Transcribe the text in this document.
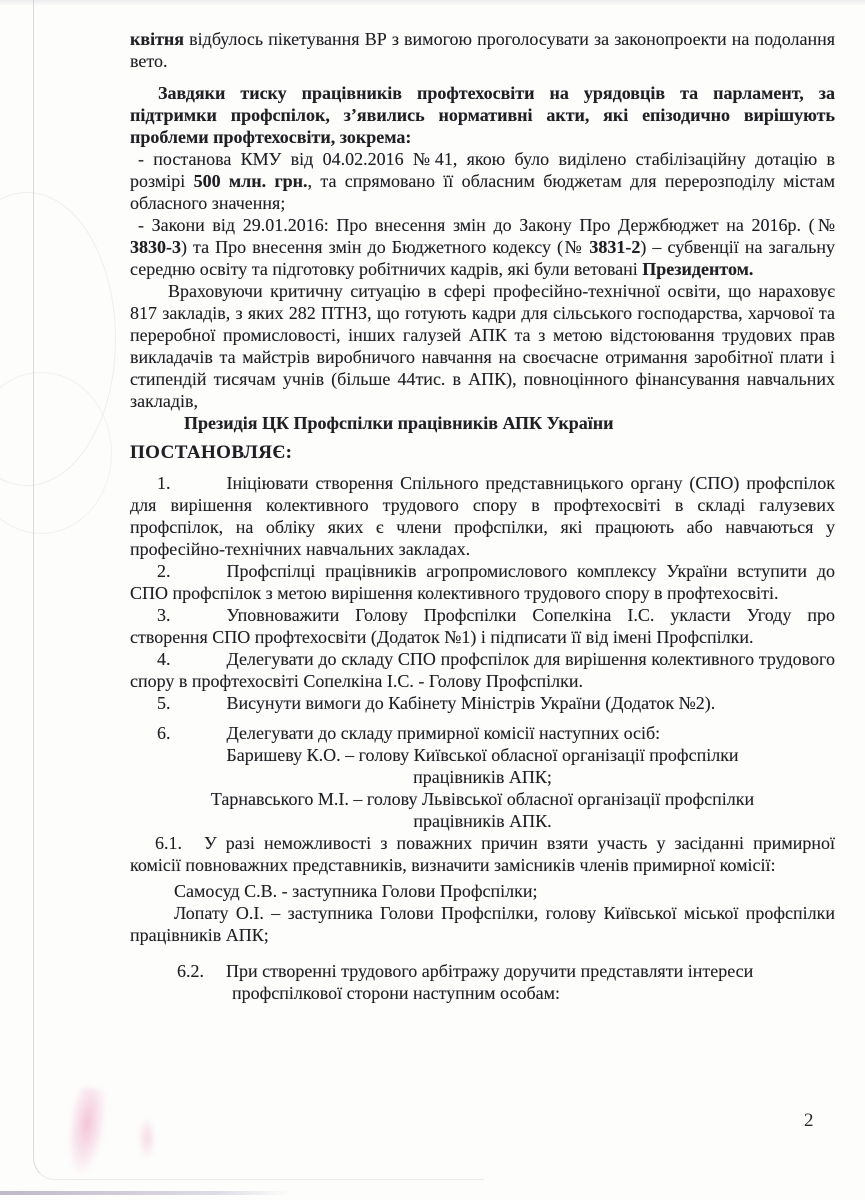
квітня відбулось пікетування ВР з вимогою проголосувати за законопроекти на подолання вето.

Завдяки тиску працівників профтехосвіти на урядовців та парламент, за підтримки профспілок, з’явились нормативні акти, які епізодично вирішують проблеми профтехосвіти, зокрема:

- постанова КМУ від 04.02.2016 №41, якою було виділено стабілізаційну дотацію в розмірі 500 млн. грн., та спрямовано її обласним бюджетам для перерозподілу містам обласного значення;

- Закони від 29.01.2016: Про внесення змін до Закону Про Держбюджет на 2016р. (№ 3830-3) та Про внесення змін до Бюджетного кодексу (№ 3831-2) – субвенції на загальну середню освіту та підготовку робітничих кадрів, які були ветовані Президентом.

Враховуючи критичну ситуацію в сфері професійно-технічної освіти, що нараховує 817 закладів, з яких 282 ПТНЗ, що готують кадри для сільського господарства, харчової та переробної промисловості, інших галузей АПК та з метою відстоювання трудових прав викладачів та майстрів виробничого навчання на своєчасне отримання заробітної плати і стипендій тисячам учнів (більше 44тис. в АПК), повноцінного фінансування навчальних закладів,

Президія ЦК Профспілки працівників АПК України

ПОСТАНОВЛЯЄ:

1.	Ініціювати створення Спільного представницького органу (СПО) профспілок для вирішення колективного трудового спору в профтехосвіті в складі галузевих профспілок, на обліку яких є члени профспілки, які працюють або навчаються у професійно-технічних навчальних закладах.

2.	Профспілці працівників агропромислового комплексу України вступити до СПО профспілок з метою вирішення колективного трудового спору в профтехосвіті.

3.	Уповноважити Голову Профспілки Сопелкіна І.С. укласти Угоду про створення СПО профтехосвіти (Додаток №1) і підписати її від імені Профспілки.

4.	Делегувати до складу СПО профспілок для вирішення колективного трудового спору в профтехосвіті Сопелкіна І.С. - Голову Профспілки.

5.	Висунути вимоги до Кабінету Міністрів України (Додаток №2).

6.	Делегувати до складу примирної комісії наступних осіб:

Баришеву К.О. – голову Київської обласної організації профспілки

працівників АПК;

Тарнавського М.І. – голову Львівської обласної організації профспілки

працівників АПК.

6.1. У разі неможливості з поважних причин взяти участь у засіданні примирної комісії повноважних представників, визначити замісників членів примирної комісії:

Самосуд С.В. - заступника Голови Профспілки;

Лопату О.І. – заступника Голови Профспілки, голову Київської міської профспілки працівників АПК;

6.2. При створенні трудового арбітражу доручити представляти інтереси профспілкової сторони наступним особам:

2
